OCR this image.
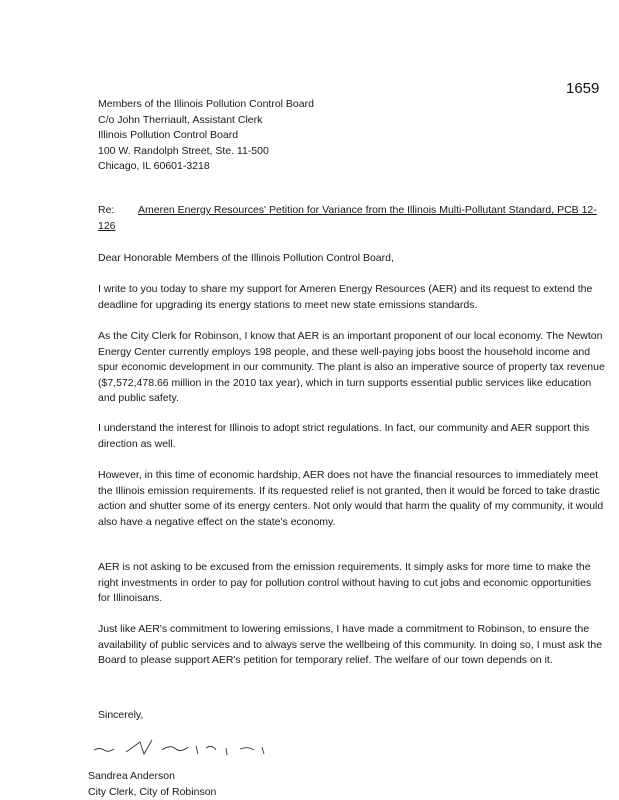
1659
Members of the Illinois Pollution Control Board
C/o John Therriault, Assistant Clerk
Illinois Pollution Control Board
100 W. Randolph Street, Ste. 11-500
Chicago, IL 60601-3218
Re: Ameren Energy Resources' Petition for Variance from the Illinois Multi-Pollutant Standard, PCB 12-126

Dear Honorable Members of the Illinois Pollution Control Board,

I write to you today to share my support for Ameren Energy Resources (AER) and its request to extend the deadline for upgrading its energy stations to meet new state emissions standards.

As the City Clerk for Robinson, I know that AER is an important proponent of our local economy. The Newton Energy Center currently employs 198 people, and these well-paying jobs boost the household income and spur economic development in our community. The plant is also an imperative source of property tax revenue ($7,572,478.66 million in the 2010 tax year), which in turn supports essential public services like education and public safety.

I understand the interest for Illinois to adopt strict regulations. In fact, our community and AER support this direction as well.

However, in this time of economic hardship, AER does not have the financial resources to immediately meet the Illinois emission requirements. If its requested relief is not granted, then it would be forced to take drastic action and shutter some of its energy centers. Not only would that harm the quality of my community, it would also have a negative effect on the state's economy.

AER is not asking to be excused from the emission requirements. It simply asks for more time to make the right investments in order to pay for pollution control without having to cut jobs and economic opportunities for Illinoisans.

Just like AER's commitment to lowering emissions, I have made a commitment to Robinson, to ensure the availability of public services and to always serve the wellbeing of this community. In doing so, I must ask the Board to please support AER's petition for temporary relief. The welfare of our town depends on it.

Sincerely,

Sandrea Anderson
City Clerk, City of Robinson
